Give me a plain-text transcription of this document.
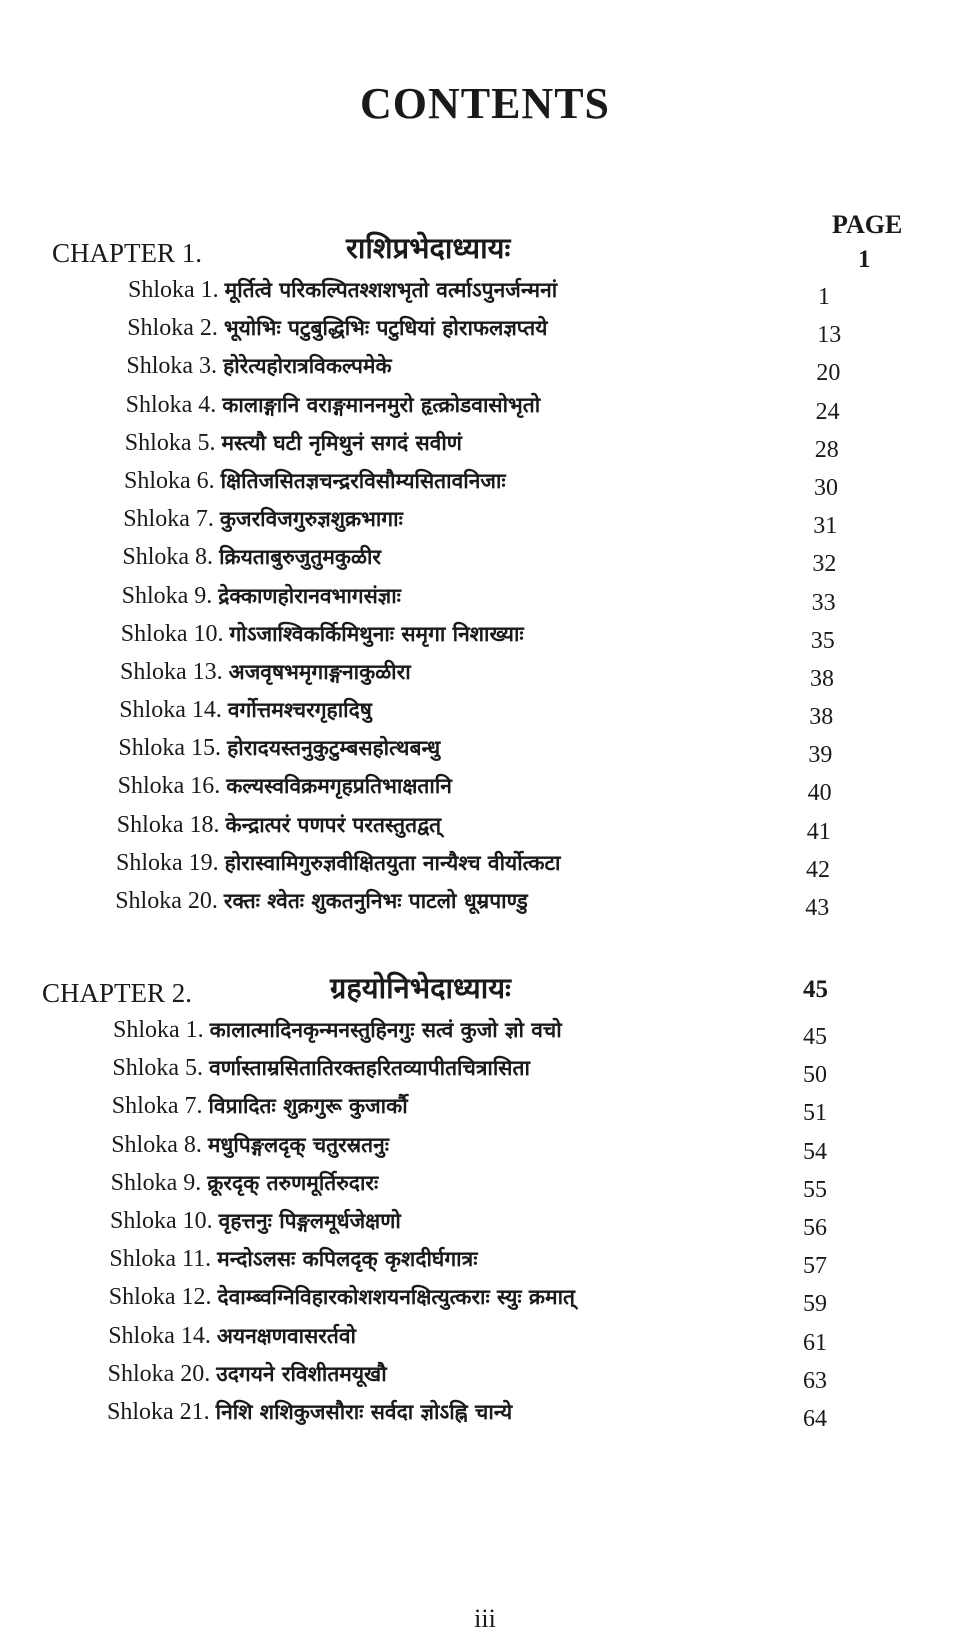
CONTENTS
PAGE
CHAPTER 1.	राशिप्रभेदाध्यायः	1
Shloka 1. मूर्तित्वे परिकल्पितश्शशभृतो वर्त्माऽपुनर्जन्मनां	1
Shloka 2. भूयोभिः पटुबुद्धिभिः पटुधियां होराफलज्ञप्तये	13
Shloka 3. होरेत्यहोरात्रविकल्पमेके	20
Shloka 4. कालाङ्गानि वराङ्गमाननमुरो हृत्क्रोडवासोभृतो	24
Shloka 5. मस्त्यौ घटी नृमिथुनं सगदं सवीणं	28
Shloka 6. क्षितिजसितज्ञचन्द्ररविसौम्यसितावनिजाः	30
Shloka 7. कुजरविजगुरुज्ञशुक्रभागाः	31
Shloka 8. क्रियताबुरुजुतुमकुळीर	32
Shloka 9. द्रेक्काणहोरानवभागसंज्ञाः	33
Shloka 10. गोऽजाश्विकर्किमिथुनाः समृगा निशाख्याः	35
Shloka 13. अजवृषभमृगाङ्गनाकुळीरा	38
Shloka 14. वर्गोत्तमश्चरगृहादिषु	38
Shloka 15. होरादयस्तनुकुटुम्बसहोत्थबन्धु	39
Shloka 16. कल्यस्वविक्रमगृहप्रतिभाक्षतानि	40
Shloka 18. केन्द्रात्परं पणपरं परतस्तुतद्वत्	41
Shloka 19. होरास्वामिगुरुज्ञवीक्षितयुता नान्यैश्च वीर्योत्कटा	42
Shloka 20. रक्तः श्वेतः शुकतनुनिभः पाटलो धूम्रपाण्डु	43
CHAPTER 2.	ग्रहयोनिभेदाध्यायः	45
Shloka 1. कालात्मादिनकृन्मनस्तुहिनगुः सत्वं कुजो ज्ञो वचो	45
Shloka 5. वर्णास्ताम्रसितातिरक्तहरितव्यापीतचित्रासिता	50
Shloka 7. विप्रादितः शुक्रगुरू कुजार्कौ	51
Shloka 8. मधुपिङ्गलदृक् चतुरस्रतनुः	54
Shloka 9. क्रूरदृक् तरुणमूर्तिरुदारः	55
Shloka 10. वृहत्तनुः पिङ्गलमूर्धजेक्षणो	56
Shloka 11. मन्दोऽलसः कपिलदृक् कृशदीर्घगात्रः	57
Shloka 12. देवाम्ब्वग्निविहारकोशशयनक्षित्युत्कराः स्युः क्रमात्	59
Shloka 14. अयनक्षणवासरर्तवो	61
Shloka 20. उदगयने रविशीतमयूखौ	63
Shloka 21. निशि शशिकुजसौराः सर्वदा ज्ञोऽह्नि चान्ये	64
iii
